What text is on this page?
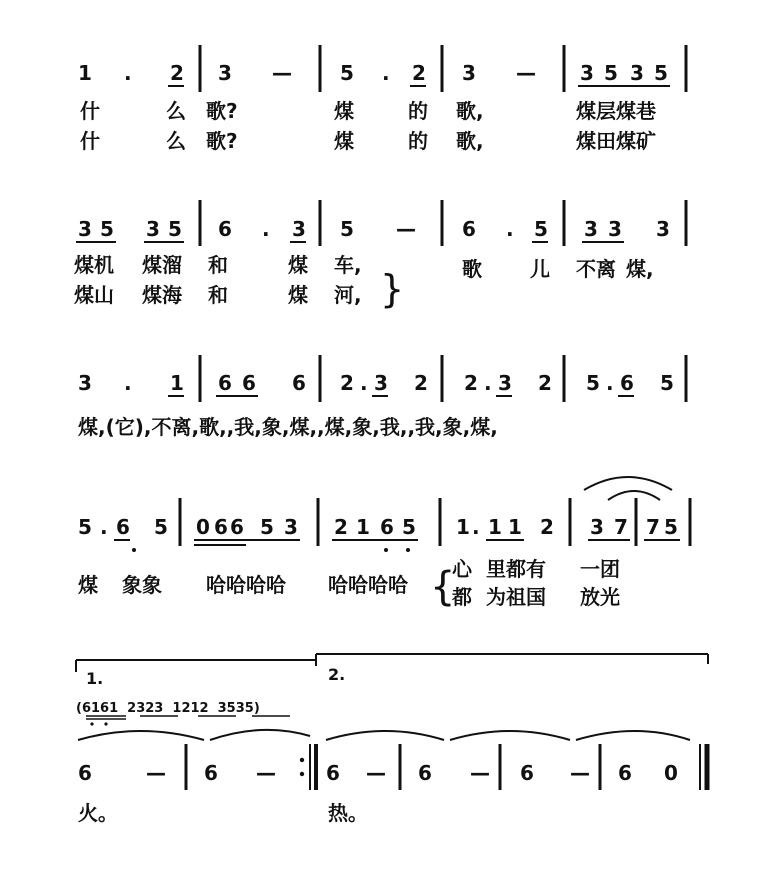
1 . 2 3 — 5 . 2 3 — 3 5 3 5
什	么 歌?	煤	的 歌,	煤层煤巷
什	么 歌?	煤	的 歌,	煤田煤矿
3 5 3 5 6 . 3 5 — 6 . 5 3 3 3
煤机 煤溜 和	煤 车,
煤山 煤海 和	煤 河, }	歌 儿 不离 煤,
3 . 1 6 6 6 2 . 3 2 2 . 3 2 5 . 6 5
煤,(它),不离,歌,,我,象,煤,,煤,象,我,,我,象,煤,
5 . 6 5 0 6 6 5 3 2 1 6 5 1 . 1 1 2 3 7 7 5
煤 象象 哈哈哈哈 哈哈哈哈 {
心 里都有 一团
都 为祖国 放光
1.	2.
(6161  2323  1212  3535)
6	— 6 —	6 — 6 — 6 — 6 0
火。	热。
